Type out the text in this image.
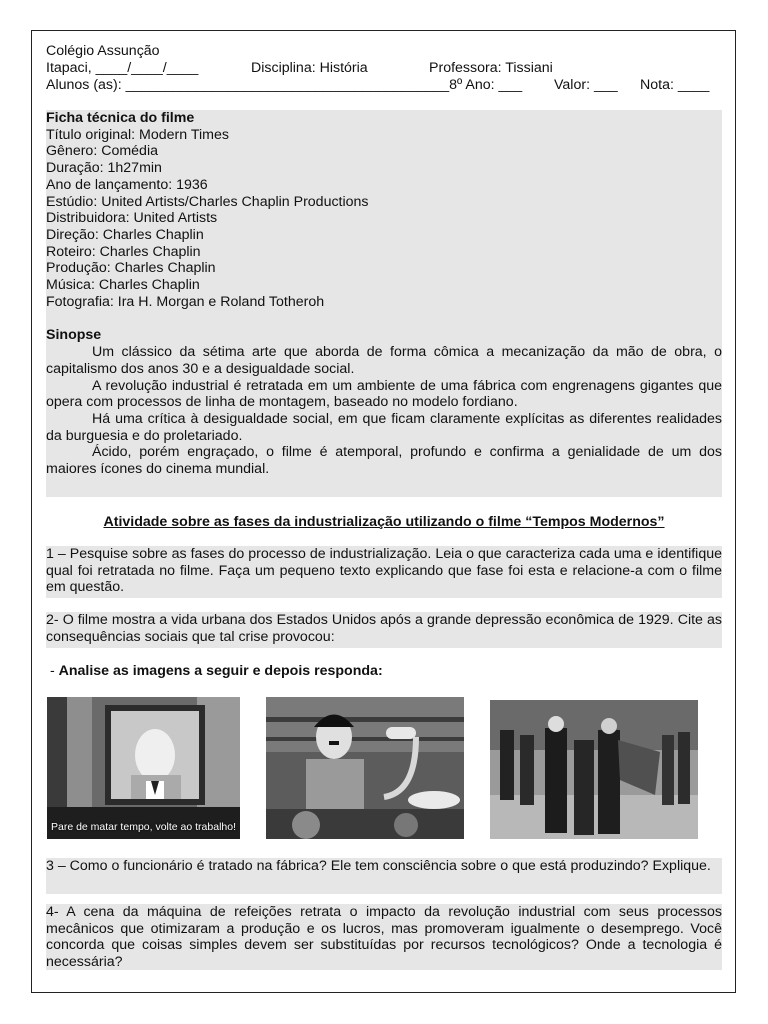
Colégio Assunção
Itapaci, ____/____/____	Disciplina: História	Professora: Tissiani
Alunos (as): _________________________________________8º Ano: ___	Valor: ___	Nota: ____

Ficha técnica do filme

Título original: Modern Times

Gênero: Comédia

Duração: 1h27min

Ano de lançamento: 1936

Estúdio: United Artists/Charles Chaplin Productions

Distribuidora: United Artists

Direção: Charles Chaplin

Roteiro: Charles Chaplin

Produção: Charles Chaplin

Música: Charles Chaplin

Fotografia: Ira H. Morgan e Roland Totheroh

Sinopse

Um clássico da sétima arte que aborda de forma cômica a mecanização da mão de obra, o capitalismo dos anos 30 e a desigualdade social.

A revolução industrial é retratada em um ambiente de uma fábrica com engrenagens gigantes que opera com processos de linha de montagem, baseado no modelo fordiano.

Há uma crítica à desigualdade social, em que ficam claramente explícitas as diferentes realidades da burguesia e do proletariado.

Ácido, porém engraçado, o filme é atemporal, profundo e confirma a genialidade de um dos maiores ícones do cinema mundial.

Atividade sobre as fases da industrialização utilizando o filme “Tempos Modernos”

1 – Pesquise sobre as fases do processo de industrialização. Leia o que caracteriza cada uma e identifique qual foi retratada no filme. Faça um pequeno texto explicando que fase foi esta e relacione-a com o filme em questão.

2- O filme mostra a vida urbana dos Estados Unidos após a grande depressão econômica de 1929. Cite as consequências sociais que tal crise provocou:

- Analise as imagens a seguir e depois responda:
Pare de matar tempo, volte ao trabalho!

3 – Como o funcionário é tratado na fábrica? Ele tem consciência sobre o que está produzindo? Explique.

4- A cena da máquina de refeições retrata o impacto da revolução industrial com seus processos mecânicos que otimizaram a produção e os lucros, mas promoveram igualmente o desemprego. Você concorda que coisas simples devem ser substituídas por recursos tecnológicos? Onde a tecnologia é necessária?
